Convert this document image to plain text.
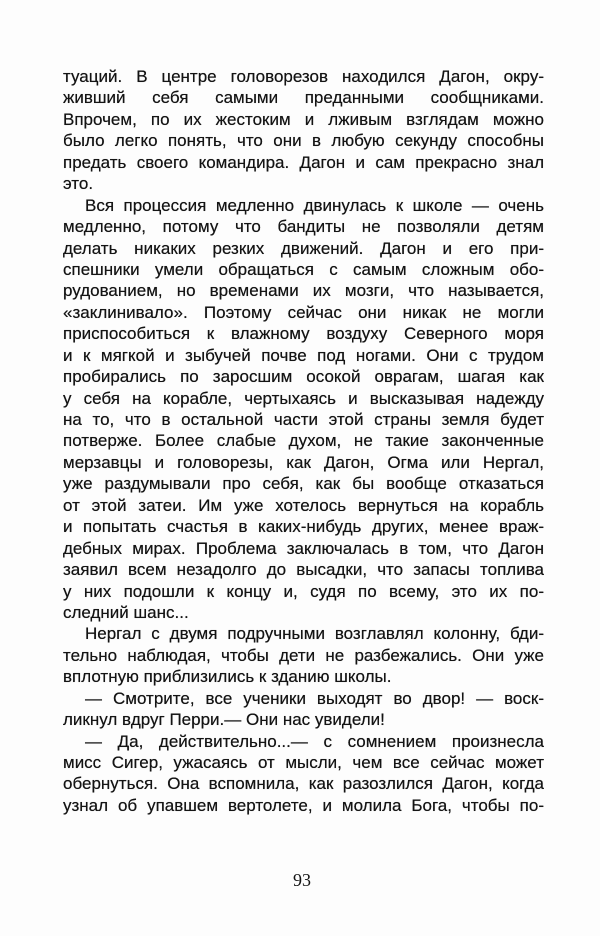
туаций. В центре головорезов находился Дагон, окру-
живший себя самыми преданными сообщниками.
Впрочем, по их жестоким и лживым взглядам можно
было легко понять, что они в любую секунду способны
предать своего командира. Дагон и сам прекрасно знал
это.
Вся процессия медленно двинулась к школе — очень
медленно, потому что бандиты не позволяли детям
делать никаких резких движений. Дагон и его при-
спешники умели обращаться с самым сложным обо-
рудованием, но временами их мозги, что называется,
«заклинивало». Поэтому сейчас они никак не могли
приспособиться к влажному воздуху Северного моря
и к мягкой и зыбучей почве под ногами. Они с трудом
пробирались по заросшим осокой оврагам, шагая как
у себя на корабле, чертыхаясь и высказывая надежду
на то, что в остальной части этой страны земля будет
потверже. Более слабые духом, не такие законченные
мерзавцы и головорезы, как Дагон, Огма или Нергал,
уже раздумывали про себя, как бы вообще отказаться
от этой затеи. Им уже хотелось вернуться на корабль
и попытать счастья в каких-нибудь других, менее враж-
дебных мирах. Проблема заключалась в том, что Дагон
заявил всем незадолго до высадки, что запасы топлива
у них подошли к концу и, судя по всему, это их по-
следний шанс...
Нергал с двумя подручными возглавлял колонну, бди-
тельно наблюдая, чтобы дети не разбежались. Они уже
вплотную приблизились к зданию школы.
— Смотрите, все ученики выходят во двор! — воск-
ликнул вдруг Перри.— Они нас увидели!
— Да, действительно...— с сомнением произнесла
мисс Сигер, ужасаясь от мысли, чем все сейчас может
обернуться. Она вспомнила, как разозлился Дагон, когда
узнал об упавшем вертолете, и молила Бога, чтобы по-
93
